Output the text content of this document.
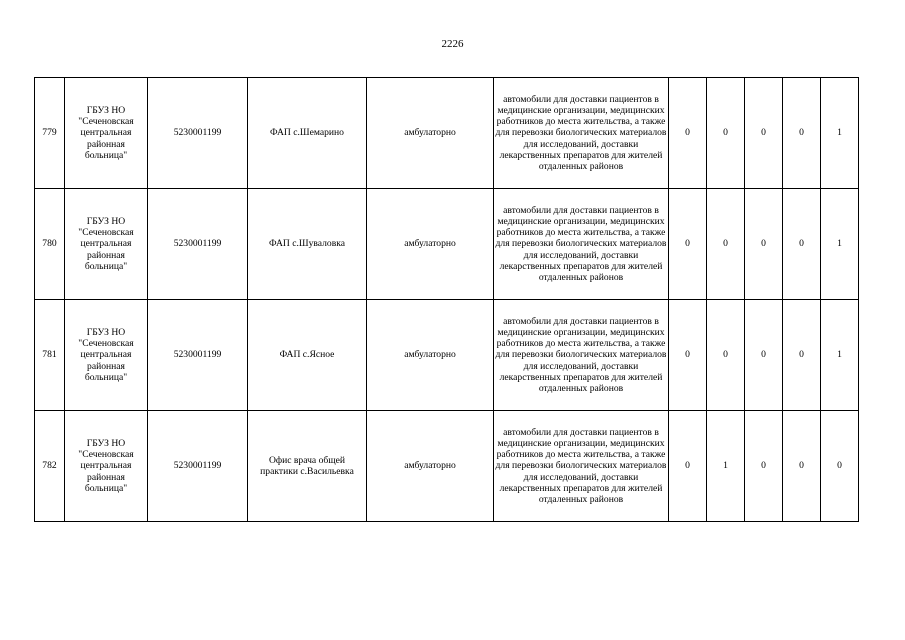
2226
779	ГБУЗ НО "Сеченовская центральная районная больница"	5230001199	ФАП с.Шемарино	амбулаторно	автомобили для доставки пациентов в медицинские организации, медицинских работников до места жительства, а также для перевозки биологических материалов для исследований, доставки лекарственных препаратов для жителей отдаленных районов	0	0	0	0	1
780	ГБУЗ НО "Сеченовская центральная районная больница"	5230001199	ФАП с.Шуваловка	амбулаторно	автомобили для доставки пациентов в медицинские организации, медицинских работников до места жительства, а также для перевозки биологических материалов для исследований, доставки лекарственных препаратов для жителей отдаленных районов	0	0	0	0	1
781	ГБУЗ НО "Сеченовская центральная районная больница"	5230001199	ФАП с.Ясное	амбулаторно	автомобили для доставки пациентов в медицинские организации, медицинских работников до места жительства, а также для перевозки биологических материалов для исследований, доставки лекарственных препаратов для жителей отдаленных районов	0	0	0	0	1
782	ГБУЗ НО "Сеченовская центральная районная больница"	5230001199	Офис врача общей практики с.Васильевка	амбулаторно	автомобили для доставки пациентов в медицинские организации, медицинских работников до места жительства, а также для перевозки биологических материалов для исследований, доставки лекарственных препаратов для жителей отдаленных районов	0	1	0	0	0
